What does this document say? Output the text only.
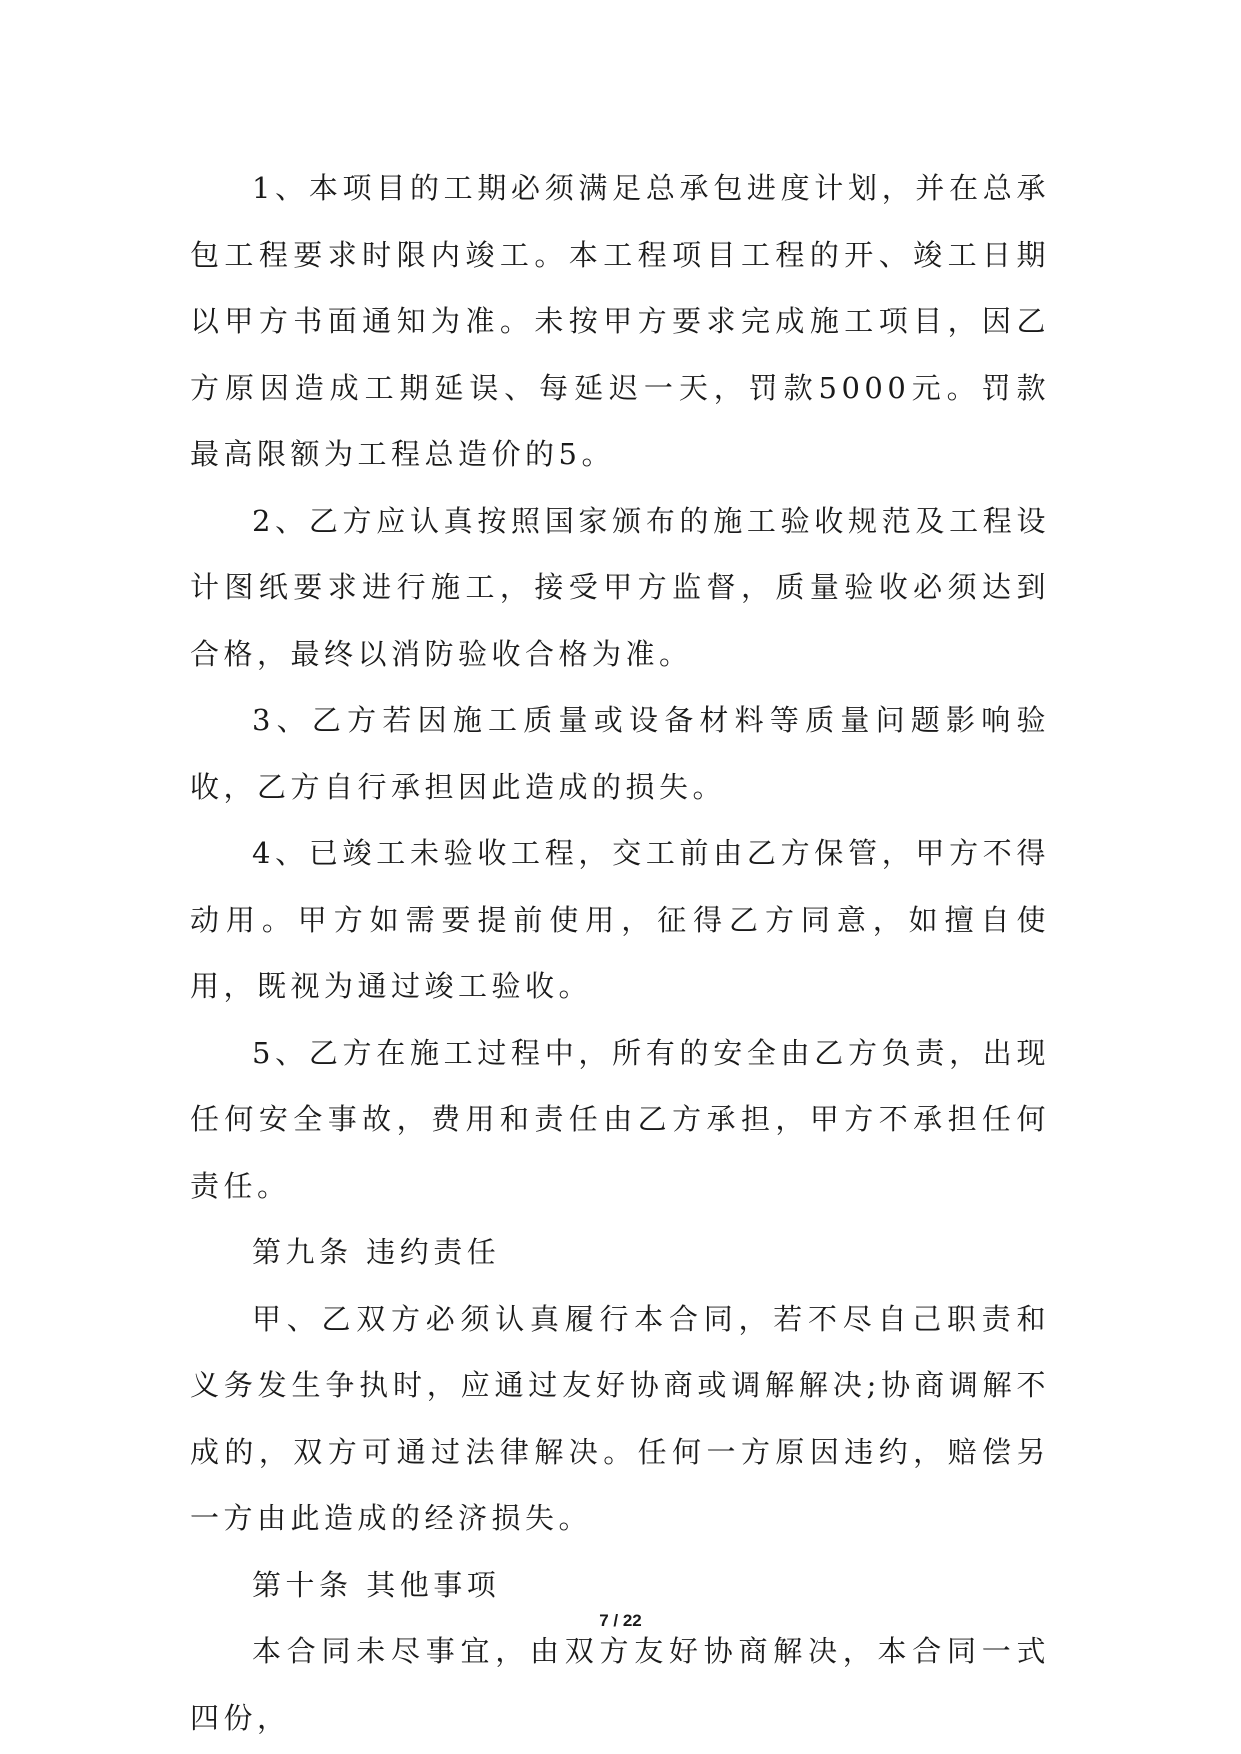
1、本项目的工期必须满足总承包进度计划，并在总承包工程要求时限内竣工。本工程项目工程的开、竣工日期以甲方书面通知为准。未按甲方要求完成施工项目，因乙方原因造成工期延误、每延迟一天，罚款5000元。罚款最高限额为工程总造价的5。

2、乙方应认真按照国家颁布的施工验收规范及工程设计图纸要求进行施工，接受甲方监督，质量验收必须达到合格，最终以消防验收合格为准。

3、乙方若因施工质量或设备材料等质量问题影响验收，乙方自行承担因此造成的损失。

4、已竣工未验收工程，交工前由乙方保管，甲方不得动用。甲方如需要提前使用，征得乙方同意，如擅自使用，既视为通过竣工验收。

5、乙方在施工过程中，所有的安全由乙方负责，出现任何安全事故，费用和责任由乙方承担，甲方不承担任何责任。

第九条 违约责任

甲、乙双方必须认真履行本合同，若不尽自己职责和义务发生争执时，应通过友好协商或调解解决;协商调解不成的，双方可通过法律解决。任何一方原因违约，赔偿另一方由此造成的经济损失。

第十条 其他事项

本合同未尽事宜，由双方友好协商解决，本合同一式四份，

7 / 22
